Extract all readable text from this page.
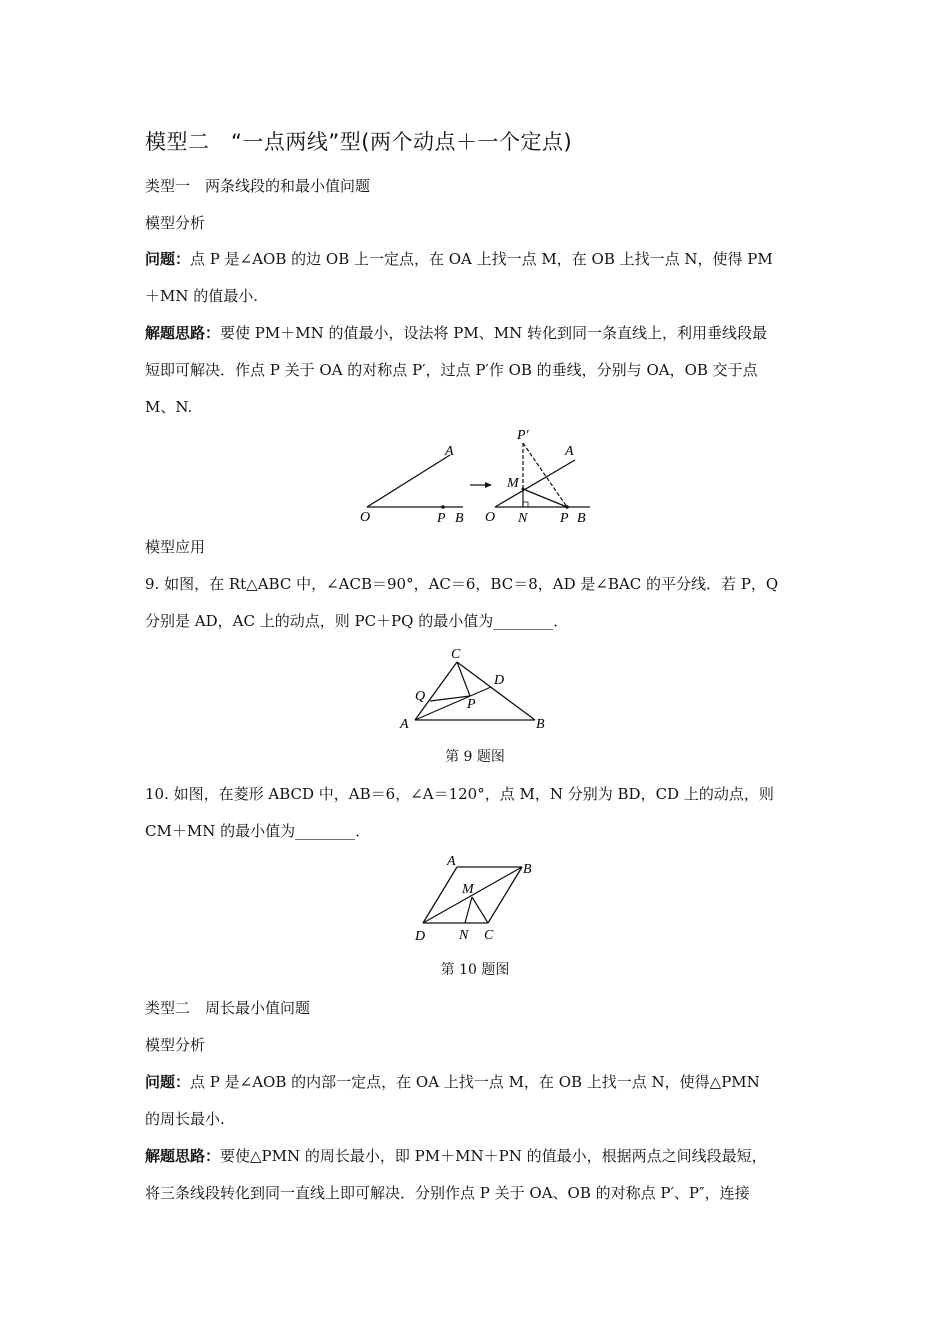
模型二　“一点两线”型(两个动点＋一个定点)
类型一　两条线段的和最小值问题
模型分析
问题：点 P 是∠AOB 的边 OB 上一定点，在 OA 上找一点 M，在 OB 上找一点 N，使得 PM
＋MN 的值最小.
解题思路：要使 PM＋MN 的值最小，设法将 PM、MN 转化到同一条直线上，利用垂线段最
短即可解决．作点 P 关于 OA 的对称点 P′，过点 P′作 OB 的垂线，分别与 OA，OB 交于点
M、N.
A
O	P B
P′
A
M
O N P B
模型应用
9. 如图，在 Rt△ABC 中，∠ACB＝90°，AC＝6，BC＝8，AD 是∠BAC 的平分线．若 P，Q
分别是 AD，AC 上的动点，则 PC＋PQ 的最小值为________．
C
D
Q
P
A	B
第 9 题图
10. 如图，在菱形 ABCD 中，AB＝6，∠A＝120°，点 M，N 分别为 BD，CD 上的动点，则
CM＋MN 的最小值为________．
A
B
M
D N C
第 10 题图
类型二　周长最小值问题
模型分析
问题：点 P 是∠AOB 的内部一定点，在 OA 上找一点 M，在 OB 上找一点 N，使得△PMN
的周长最小.
解题思路：要使△PMN 的周长最小，即 PM＋MN＋PN 的值最小，根据两点之间线段最短，
将三条线段转化到同一直线上即可解决．分别作点 P 关于 OA、OB 的对称点 P′、P″，连接
